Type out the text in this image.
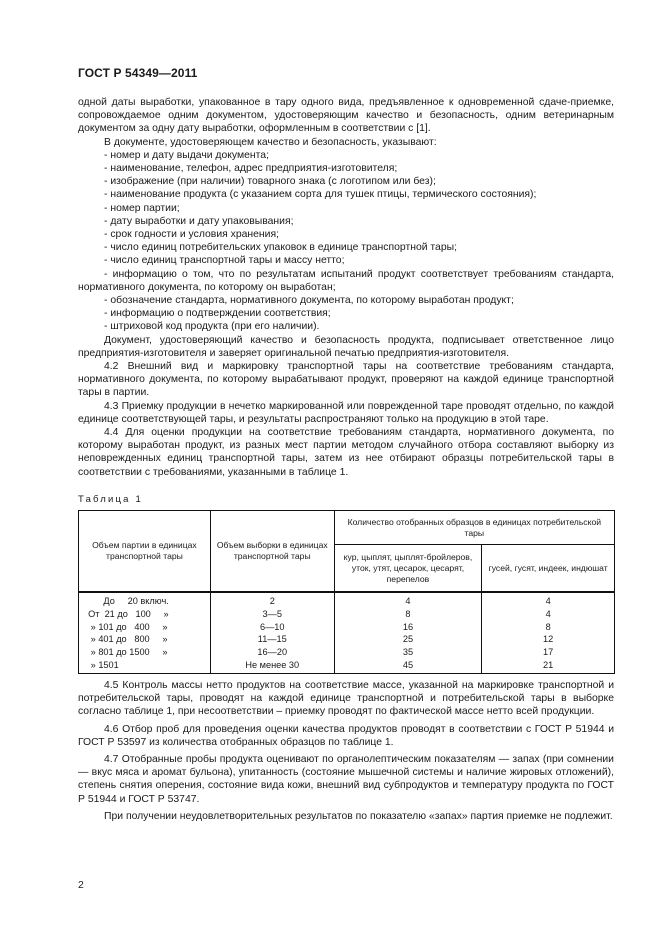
ГОСТ Р 54349—2011

одной даты выработки, упакованное в тару одного вида, предъявленное к одновременной сдаче-приемке, сопровождаемое одним документом, удостоверяющим качество и безопасность, одним ветеринарным документом за одну дату выработки, оформленным в соответствии с [1].

В документе, удостоверяющем качество и безопасность, указывают:

- номер и дату выдачи документа;

- наименование, телефон, адрес предприятия-изготовителя;

- изображение (при наличии) товарного знака (с логотипом или без);

- наименование продукта (с указанием сорта для тушек птицы, термического состояния);

- номер партии;

- дату выработки и дату упаковывания;

- срок годности и условия хранения;

- число единиц потребительских упаковок в единице транспортной тары;

- число единиц транспортной тары и массу нетто;

- информацию о том, что по результатам испытаний продукт соответствует требованиям стандарта, нормативного документа, по которому он выработан;

- обозначение стандарта, нормативного документа, по которому выработан продукт;

- информацию о подтверждении соответствия;

- штриховой код продукта (при его наличии).

Документ, удостоверяющий качество и безопасность продукта, подписывает ответственное лицо предприятия-изготовителя и заверяет оригинальной печатью предприятия-изготовителя.

4.2 Внешний вид и маркировку транспортной тары на соответствие требованиям стандарта, нормативного документа, по которому вырабатывают продукт, проверяют на каждой единице транспортной тары в партии.

4.3 Приемку продукции в нечетко маркированной или поврежденной таре проводят отдельно, по каждой единице соответствующей тары, и результаты распространяют только на продукцию в этой таре.

4.4 Для оценки продукции на соответствие требованиям стандарта, нормативного документа, по которому выработан продукт, из разных мест партии методом случайного отбора составляют выборку из неповрежденных единиц транспортной тары, затем из нее отбирают образцы потребительской тары в соответствии с требованиями, указанными в таблице 1.

Таблица 1
Объем партии в единицах транспортной тары	Объем выборки в единицах транспортной тары	Количество отобранных образцов в единицах потребительской тары	
		кур, цыплят, цыплят-бройлеров, уток, утят, цесарок, цесарят, перепелов	гусей, гусят, индеек, индюшат
До     20 включ.	2	4	4
От  21 до   100     »	3—5	8	4
» 101 до   400     »	6—10	16	8
» 401 до   800     »	11—15	25	12
» 801 до 1500     »	16—20	35	17
» 1501	Не менее 30	45	21

4.5 Контроль массы нетто продуктов на соответствие массе, указанной на маркировке транспортной и потребительской тары, проводят на каждой единице транспортной и потребительской тары в выборке согласно таблице 1, при несоответствии – приемку проводят по фактической массе нетто всей продукции.

4.6 Отбор проб для проведения оценки качества продуктов проводят в соответствии с ГОСТ Р 51944 и ГОСТ Р 53597 из количества отобранных образцов по таблице 1.

4.7 Отобранные пробы продукта оценивают по органолептическим показателям — запах (при сомнении — вкус мяса и аромат бульона), упитанность (состояние мышечной системы и наличие жировых отложений), степень снятия оперения, состояние вида кожи, внешний вид субпродуктов и температуру продукта по ГОСТ Р 51944 и ГОСТ Р 53747.

При получении неудовлетворительных результатов по показателю «запах» партия приемке не подлежит.

2
